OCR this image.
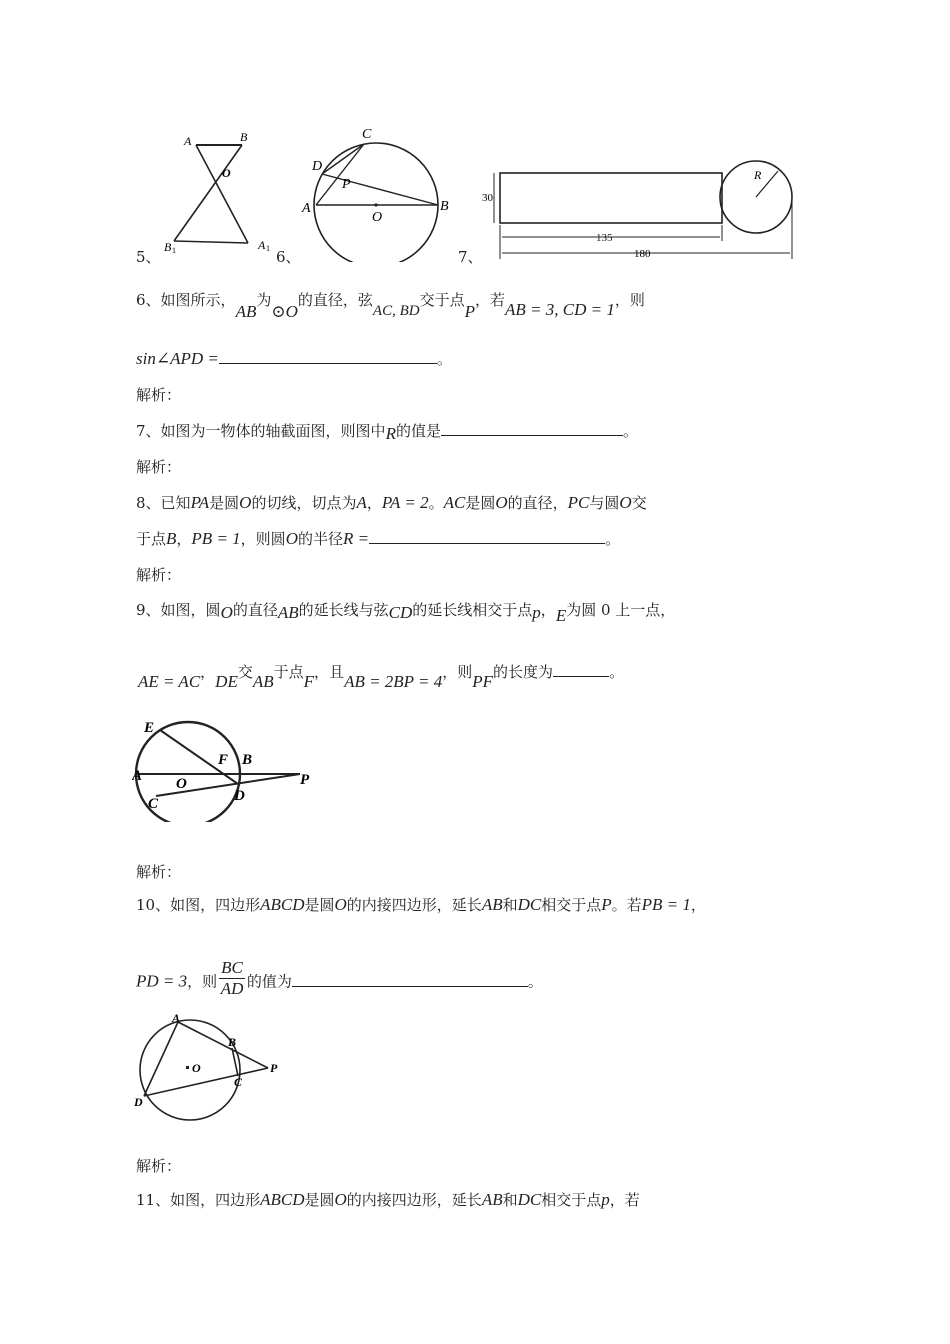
5、
A	B
O
B 1	A 1 6、
C
D
P
A
O
B
7、
R
30
135
180
6、如图所示，AB为⊙O的直径，弦AC, BD交于点P，若AB = 3, CD = 1，则
sin∠APD =	。
解析：
7、如图为一物体的轴截面图，则图中R的值是	。
解析：
8、已知PA是圆O的切线，切点为A，PA = 2。AC是圆O的直径，PC与圆O交
于点B，PB = 1，则圆O的半径R =	。
解析：
9、如图，圆O的直径AB的延长线与弦CD的延长线相交于点p，E为圆 0 上一点，
AE = AC，DE交AB于点F，且AB = 2BP = 4，则PF的长度为	。
E
F B
A O	P
C	D
解析：
10、如图，四边形ABCD是圆O的内接四边形，延长AB和DC相交于点P。若PB = 1，
PD = 3，则 $\frac{BC}{AD}$ 的值为	。
A
B
O	P
C
D
解析：
11、如图，四边形ABCD是圆O的内接四边形，延长AB和DC相交于点p，若
